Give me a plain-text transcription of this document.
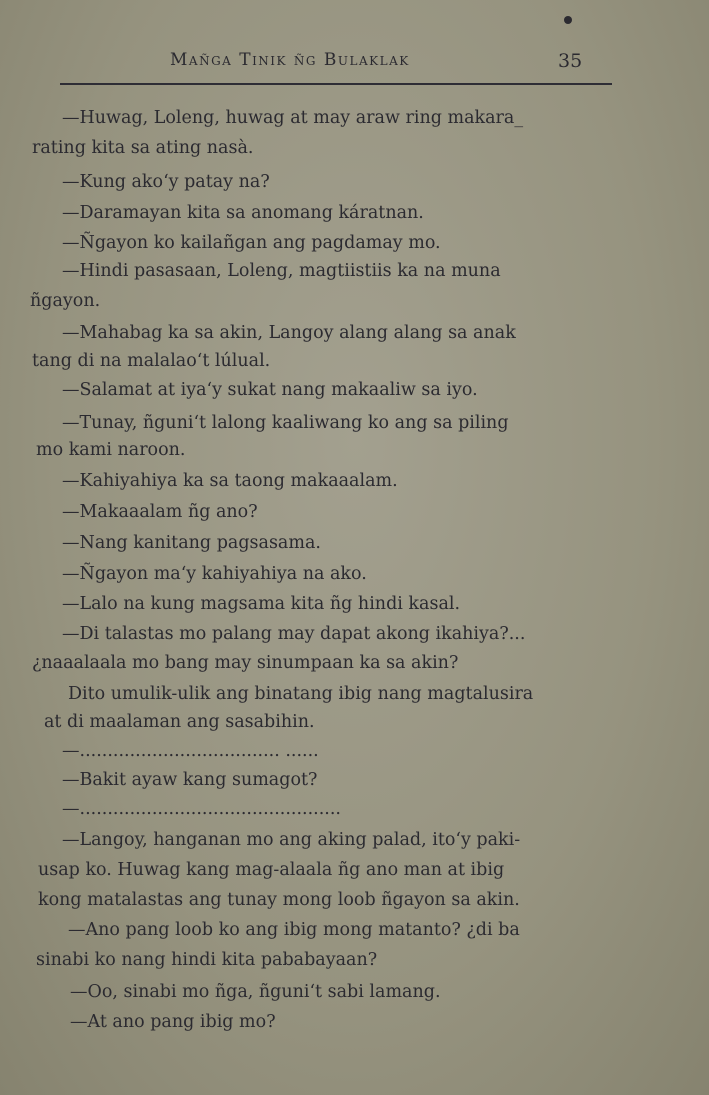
Mañga Tinik ñg Bulaklak	35
—Huwag, Loleng, huwag at may araw ring makara_
rating kita sa ating nasà.
—Kung ako‘y patay na?
—Daramayan kita sa anomang káratnan.
—Ñgayon ko kailañgan ang pagdamay mo.
—Hindi pasasaan, Loleng, magtiistiis ka na muna
ñgayon.
—Mahabag ka sa akin, Langoy alang alang sa anak
tang di na malalao‘t lúlual.
—Salamat at iya‘y sukat nang makaaliw sa iyo.
—Tunay, ñguni‘t lalong kaaliwang ko ang sa piling
mo kami naroon.
—Kahiyahiya ka sa taong makaaalam.
—Makaaalam ñg ano?
—Nang kanitang pagsasama.
—Ñgayon ma‘y kahiyahiya na ako.
—Lalo na kung magsama kita ñg hindi kasal.
—Di talastas mo palang may dapat akong ikahiya?...
¿naaalaala mo bang may sinumpaan ka sa akin?
Dito umulik-ulik ang binatang ibig nang magtalusira
at di maalaman ang sasabihin.
—.................................... ......
—Bakit ayaw kang sumagot?
—...............................................
—Langoy, hanganan mo ang aking palad, ito‘y paki-
usap ko. Huwag kang mag-alaala ñg ano man at ibig
kong matalastas ang tunay mong loob ñgayon sa akin.
—Ano pang loob ko ang ibig mong matanto? ¿di ba
sinabi ko nang hindi kita pababayaan?
—Oo, sinabi mo ñga, ñguni‘t sabi lamang.
—At ano pang ibig mo?
